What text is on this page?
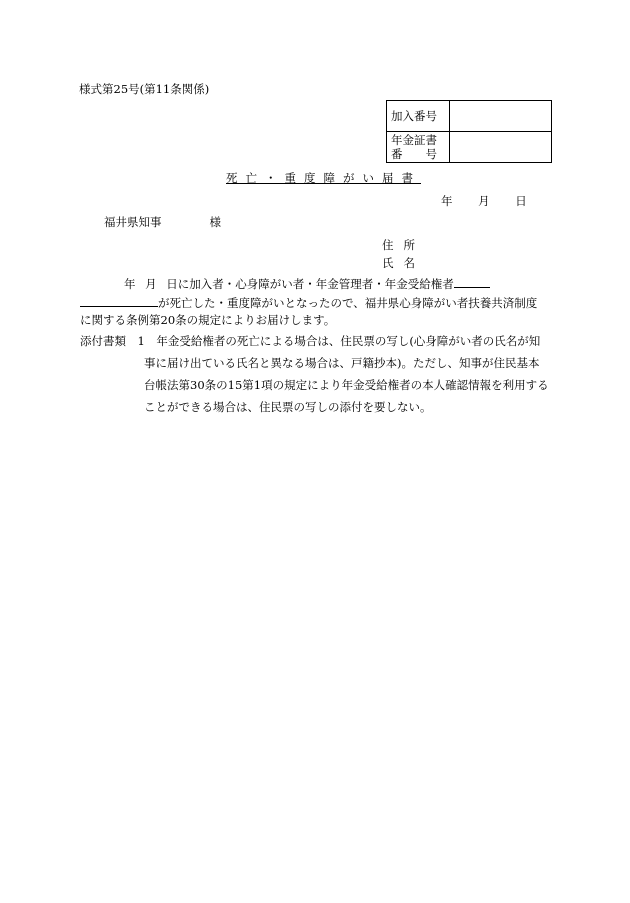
様式第25号(第11条関係)
加入番号	

年金証書
番　　号	

死亡・重度障がい届書
年 月 日
福井県知事	様
住所
氏名
年 月 日に加入者・心身障がい者・年金管理者・年金受給権者
が死亡した・重度障がいとなったので、福井県心身障がい者扶養共済制度
に関する条例第20条の規定によりお届けします。
添付書類　1　年金受給権者の死亡による場合は、住民票の写し(心身障がい者の氏名が知
事に届け出ている氏名と異なる場合は、戸籍抄本)。ただし、知事が住民基本
台帳法第30条の15第1項の規定により年金受給権者の本人確認情報を利用する
ことができる場合は、住民票の写しの添付を要しない。
